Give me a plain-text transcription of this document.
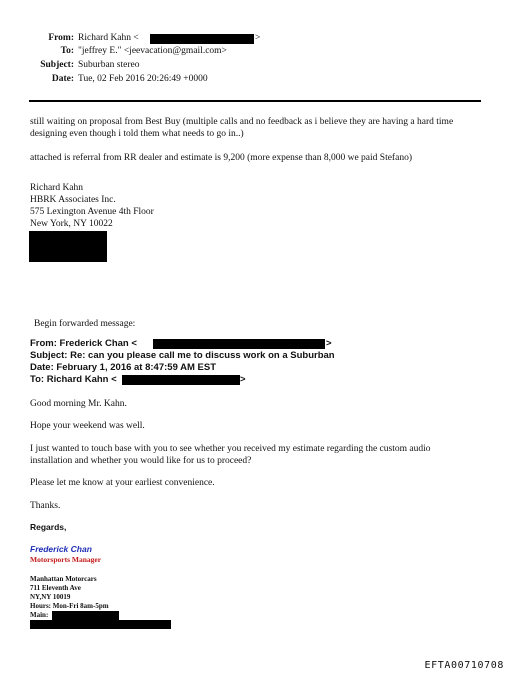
From: Richard Kahn <	>
To: "jeffrey E." <jeevacation@gmail.com>
Subject: Suburban stereo
Date: Tue, 02 Feb 2016 20:26:49 +0000
still waiting on proposal from Best Buy (multiple calls and no feedback as i believe they are having a hard time
designing even though i told them what needs to go in..)
attached is referral from RR dealer and estimate is 9,200 (more expense than 8,000 we paid Stefano)
Richard Kahn
HBRK Associates Inc.
575 Lexington Avenue 4th Floor
New York, NY 10022
Begin forwarded message:
From: Frederick Chan <	>
Subject: Re: can you please call me to discuss work on a Suburban
Date: February 1, 2016 at 8:47:59 AM EST
To: Richard Kahn <	>
Good morning Mr. Kahn.
Hope your weekend was well.
I just wanted to touch base with you to see whether you received my estimate regarding the custom audio
installation and whether you would like for us to proceed?
Please let me know at your earliest convenience.
Thanks.
Regards,
Frederick Chan
Motorsports Manager
Manhattan Motorcars
711 Eleventh Ave
NY,NY 10019
Hours: Mon-Fri 8am-5pm
Main:
EFTA00710708
